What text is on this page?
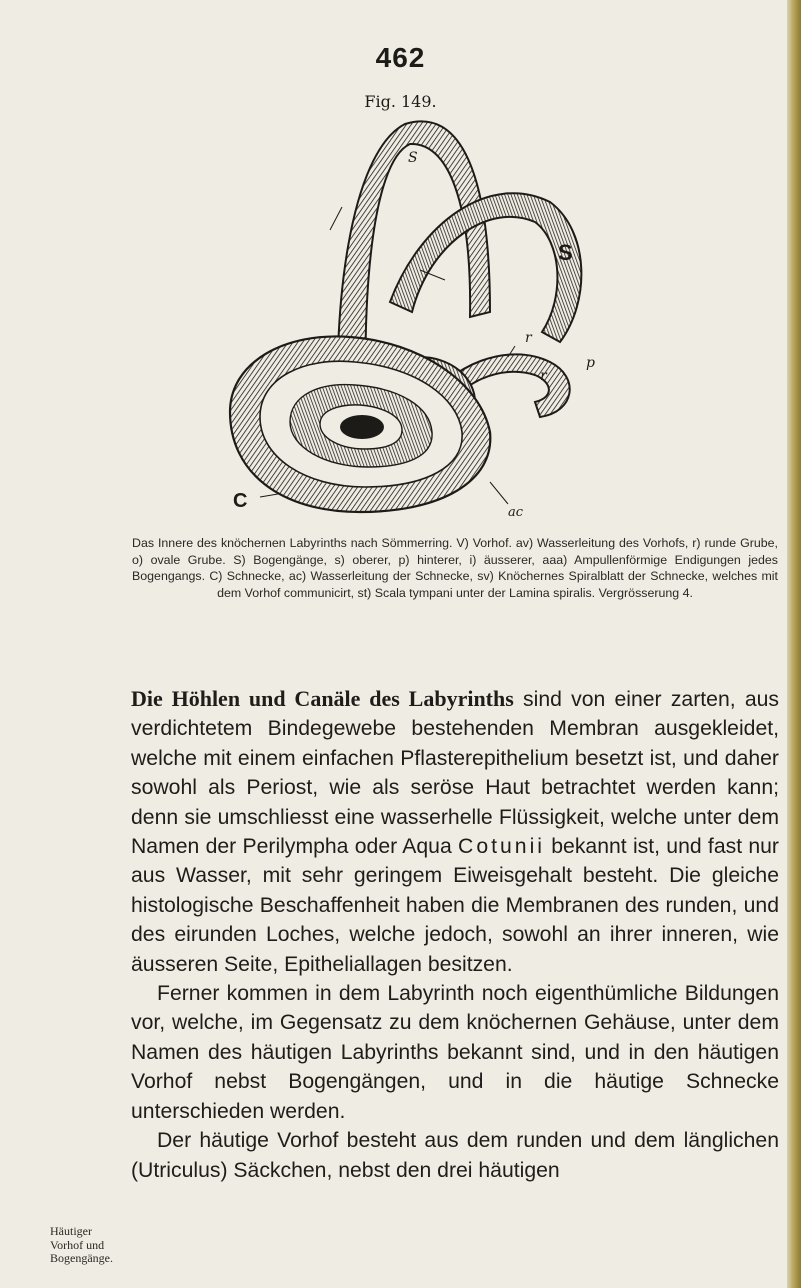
462
Fig. 149.
S
S
r
r
p
C
ac

Das Innere des knöchernen Labyrinths nach Sömmerring. V) Vorhof. av) Wasserleitung des Vorhofs, r) runde Grube, o) ovale Grube. S) Bogengänge, s) oberer, p) hinterer, i) äusserer, aaa) Ampullenförmige Endigungen jedes Bogengangs. C) Schnecke, ac) Wasserleitung der Schnecke, sv) Knöchernes Spiralblatt der Schnecke, welches mit dem Vorhof communicirt, st) Scala tympani unter der Lamina spiralis. Vergrösserung 4.

Die Höhlen und Canäle des Labyrinths sind von einer zarten, aus verdichtetem Bindegewebe bestehenden Membran ausgekleidet, welche mit einem einfachen Pflasterepithelium besetzt ist, und daher sowohl als Periost, wie als seröse Haut betrachtet werden kann; denn sie umschliesst eine wasserhelle Flüssigkeit, welche unter dem Namen der Perilympha oder Aqua Cotunii bekannt ist, und fast nur aus Wasser, mit sehr geringem Eiweisgehalt besteht. Die gleiche histologische Beschaffenheit haben die Membranen des runden, und des eirunden Loches, welche jedoch, sowohl an ihrer inneren, wie äusseren Seite, Epitheliallagen besitzen.

Ferner kommen in dem Labyrinth noch eigenthümliche Bildungen vor, welche, im Gegensatz zu dem knöchernen Gehäuse, unter dem Namen des häutigen Labyrinths bekannt sind, und in den häutigen Vorhof nebst Bogengängen, und in die häutige Schnecke unterschieden werden.

Der häutige Vorhof besteht aus dem runden und dem länglichen (Utriculus) Säckchen, nebst den drei häutigen

Häutiger
Vorhof und
Bogengänge.
